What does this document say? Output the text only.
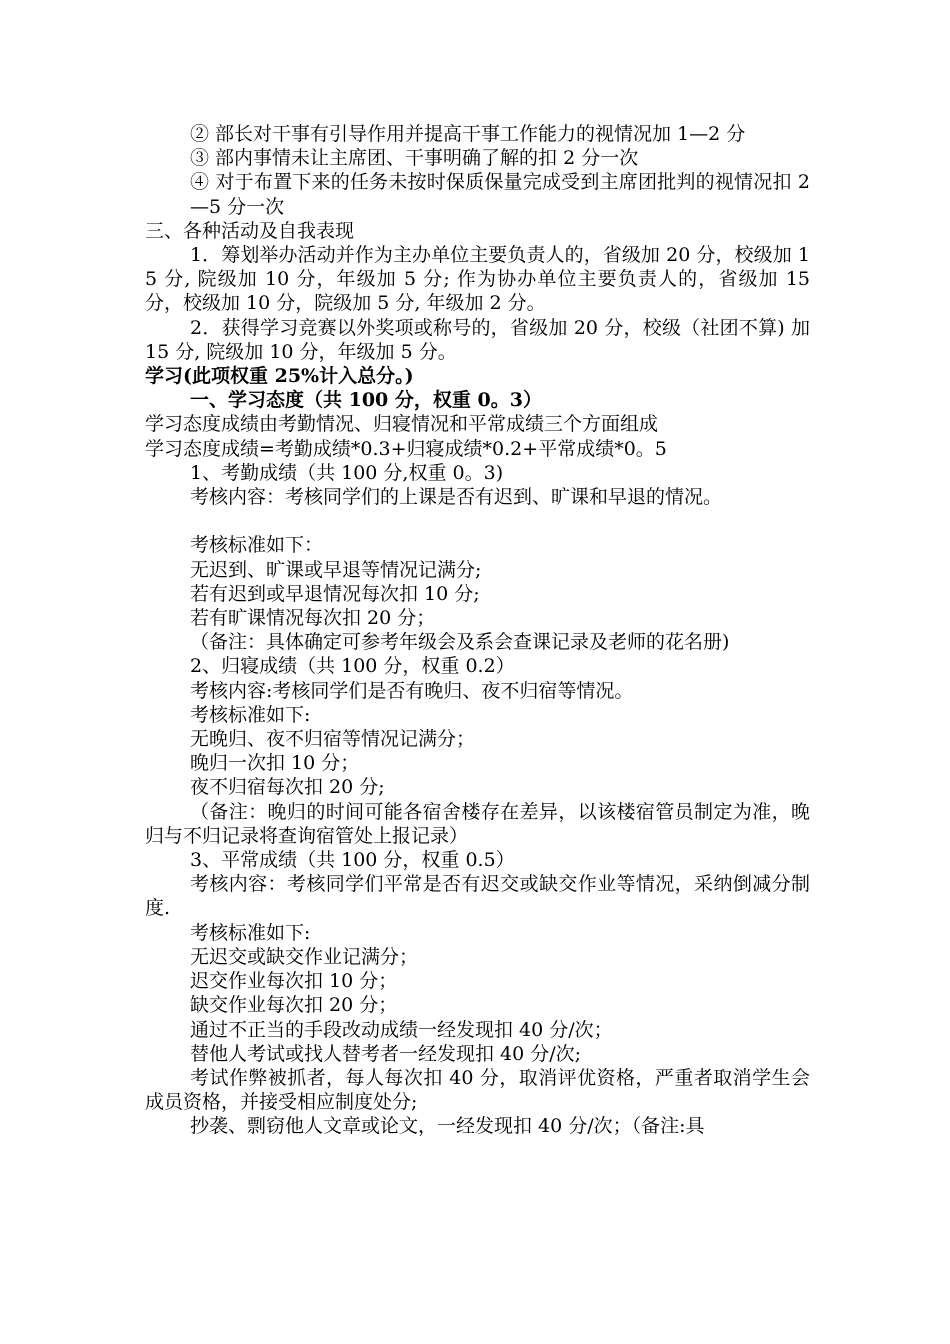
② 部长对干事有引导作用并提高干事工作能力的视情况加 1—2 分

③ 部内事情未让主席团、干事明确了解的扣 2 分一次

④ 对于布置下来的任务未按时保质保量完成受到主席团批判的视情况扣 2—5 分一次

三、各种活动及自我表现

1．筹划举办活动并作为主办单位主要负责人的，省级加 20 分，校级加 15 分, 院级加 10 分，年级加 5 分; 作为协办单位主要负责人的，省级加 15 分，校级加 10 分，院级加 5 分, 年级加 2 分。

2．获得学习竞赛以外奖项或称号的，省级加 20 分，校级（社团不算) 加 15 分, 院级加 10 分，年级加 5 分。

学习(此项权重 25%计入总分。)

一、学习态度（共 100 分，权重 0。3）

学习态度成绩由考勤情况、归寝情况和平常成绩三个方面组成

学习态度成绩=考勤成绩*0.3+归寝成绩*0.2+平常成绩*0。5

1、考勤成绩（共 100 分,权重 0。3)

考核内容：考核同学们的上课是否有迟到、旷课和早退的情况。

考核标准如下：

无迟到、旷课或早退等情况记满分;

若有迟到或早退情况每次扣 10 分;

若有旷课情况每次扣 20 分；

（备注：具体确定可参考年级会及系会查课记录及老师的花名册)

2、归寝成绩（共 100 分，权重 0.2）

考核内容:考核同学们是否有晚归、夜不归宿等情况。

考核标准如下:

无晚归、夜不归宿等情况记满分；

晚归一次扣 10 分；

夜不归宿每次扣 20 分;

（备注：晚归的时间可能各宿舍楼存在差异，以该楼宿管员制定为准，晚归与不归记录将查询宿管处上报记录）

3、平常成绩（共 100 分，权重 0.5）

考核内容：考核同学们平常是否有迟交或缺交作业等情况，采纳倒减分制度.

考核标准如下:

无迟交或缺交作业记满分；

迟交作业每次扣 10 分；

缺交作业每次扣 20 分；

通过不正当的手段改动成绩一经发现扣 40 分/次；

替他人考试或找人替考者一经发现扣 40 分/次;

考试作弊被抓者，每人每次扣 40 分，取消评优资格，严重者取消学生会成员资格，并接受相应制度处分;

抄袭、剽窃他人文章或论文，一经发现扣 40 分/次；（备注:具
